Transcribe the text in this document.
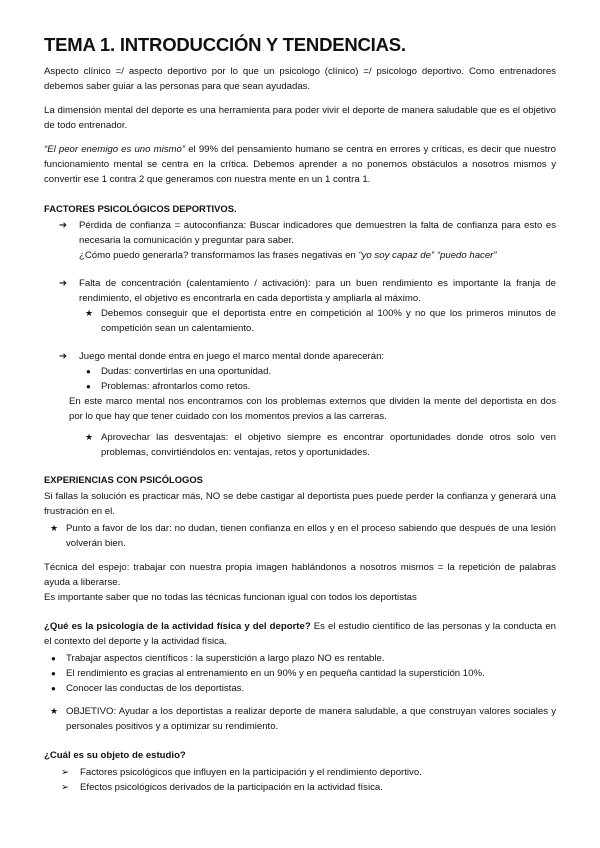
TEMA 1. INTRODUCCIÓN Y TENDENCIAS.

Aspecto clínico =/ aspecto deportivo por lo que un psicologo (clínico) =/ psicologo deportivo. Como entrenadores debemos saber guiar a las personas para que sean ayudadas.

La dimensión mental del deporte es una herramienta para poder vivir el deporte de manera saludable que es el objetivo de todo entrenador.

“El peor enemigo es uno mismo” el 99% del pensamiento humano se centra en errores y críticas, es decir que nuestro funcionamiento mental se centra en la crítica. Debemos aprender a no ponernos obstáculos a nosotros mismos y convertir ese 1 contra 2 que generamos con nuestra mente en un 1 contra 1.

FACTORES PSICOLÓGICOS DEPORTIVOS.
➔ Pérdida de confianza = autoconfianza: Buscar indicadores que demuestren la falta de confianza para esto es necesaria la comunicación y preguntar para saber.
¿Cómo puedo generarla? transformamos las frases negativas en “yo soy capaz de” “puedo hacer”
➔ Falta de concentración (calentamiento / activación): para un buen rendimiento es importante la franja de rendimiento, el objetivo es encontrarla en cada deportista y ampliarla al máximo.
★ Debemos conseguir que el deportista entre en competición al 100% y no que los primeros minutos de competición sean un calentamiento.
➔ Juego mental donde entra en juego el marco mental donde aparecerán:
● Dudas: convertirlas en una oportunidad.
● Problemas: afrontarlos como retos.
En este marco mental nos encontramos con los problemas externos que dividen la mente del deportista en dos por lo que hay que tener cuidado con los momentos previos a las carreras.
★ Aprovechar las desventajas: el objetivo siempre es encontrar oportunidades donde otros solo ven problemas, convirtiéndolos en: ventajas, retos y oportunidades.
EXPERIENCIAS CON PSICÓLOGOS
Si fallas la solución es practicar más, NO se debe castigar al deportista pues puede perder la confianza y generará una frustración en el.
★ Punto a favor de los dar: no dudan, tienen confianza en ellos y en el proceso sabiendo que después de una lesión volverán bien.
Técnica del espejo: trabajar con nuestra propia imagen hablándonos a nosotros mismos = la repetición de palabras ayuda a liberarse.
Es importante saber que no todas las técnicas funcionan igual con todos los deportistas
¿Qué es la psicología de la actividad física y del deporte? Es el estudio científico de las personas y la conducta en el contexto del deporte y la actividad física.
● Trabajar aspectos científicos : la superstición a largo plazo NO es rentable.
● El rendimiento es gracias al entrenamiento en un 90% y en pequeña cantidad la superstición 10%.
● Conocer las conductas de los deportistas.
★ OBJETIVO: Ayudar a los deportistas a realizar deporte de manera saludable, a que construyan valores sociales y personales positivos y a optimizar su rendimiento.
¿Cuál es su objeto de estudio?
➢ Factores psicológicos que influyen en la participación y el rendimiento deportivo.
➢ Efectos psicológicos derivados de la participación en la actividad física.
